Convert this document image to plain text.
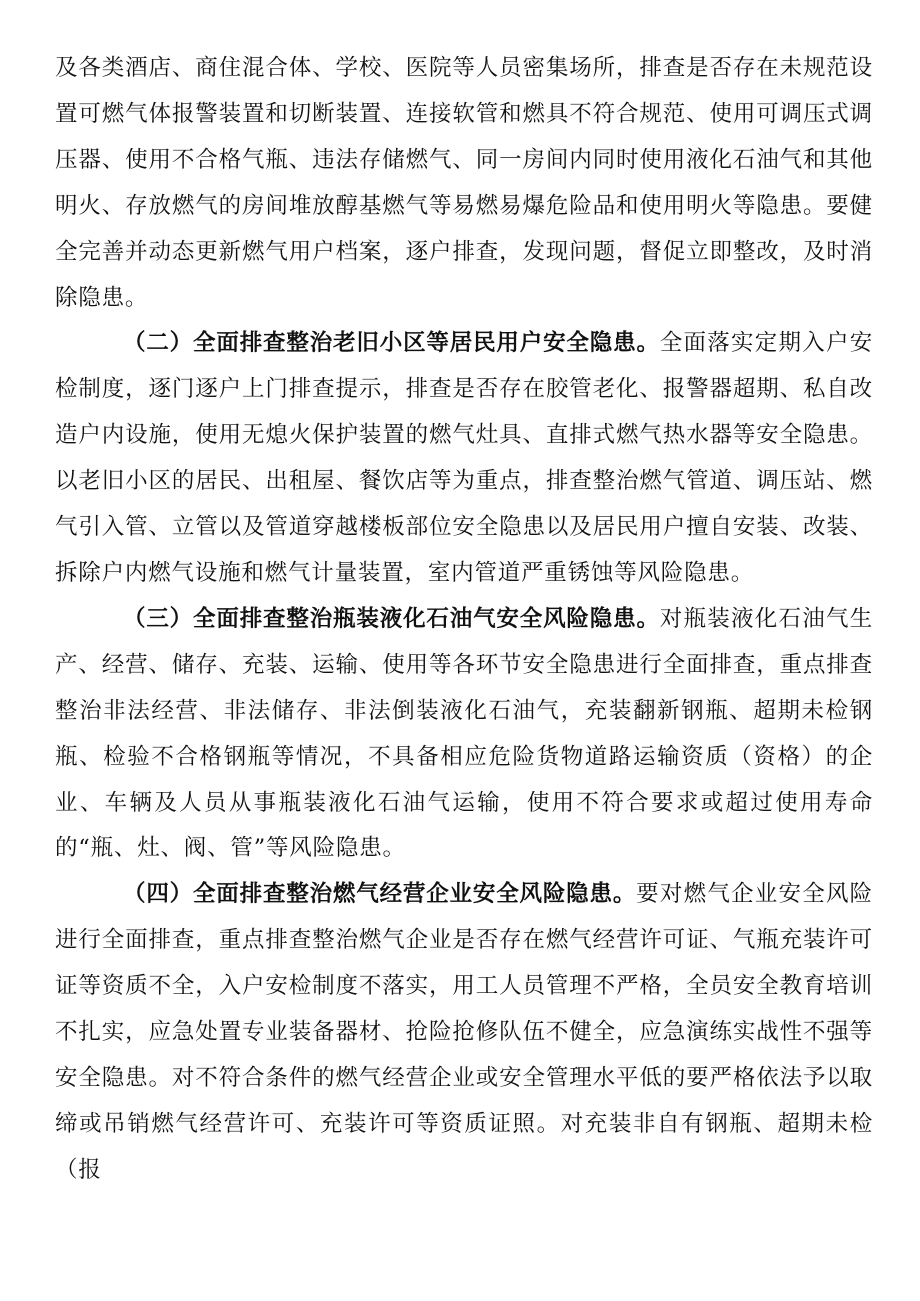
及各类酒店、商住混合体、学校、医院等人员密集场所，排查是否存在未规范设置可燃气体报警装置和切断装置、连接软管和燃具不符合规范、使用可调压式调压器、使用不合格气瓶、违法存储燃气、同一房间内同时使用液化石油气和其他明火、存放燃气的房间堆放醇基燃气等易燃易爆危险品和使用明火等隐患。要健全完善并动态更新燃气用户档案，逐户排查，发现问题，督促立即整改，及时消除隐患。

（二）全面排查整治老旧小区等居民用户安全隐患。全面落实定期入户安检制度，逐门逐户上门排查提示，排查是否存在胶管老化、报警器超期、私自改造户内设施，使用无熄火保护装置的燃气灶具、直排式燃气热水器等安全隐患。以老旧小区的居民、出租屋、餐饮店等为重点，排查整治燃气管道、调压站、燃气引入管、立管以及管道穿越楼板部位安全隐患以及居民用户擅自安装、改装、拆除户内燃气设施和燃气计量装置，室内管道严重锈蚀等风险隐患。

（三）全面排查整治瓶装液化石油气安全风险隐患。对瓶装液化石油气生产、经营、储存、充装、运输、使用等各环节安全隐患进行全面排查，重点排查整治非法经营、非法储存、非法倒装液化石油气，充装翻新钢瓶、超期未检钢瓶、检验不合格钢瓶等情况，不具备相应危险货物道路运输资质（资格）的企业、车辆及人员从事瓶装液化石油气运输，使用不符合要求或超过使用寿命的“瓶、灶、阀、管”等风险隐患。

（四）全面排查整治燃气经营企业安全风险隐患。要对燃气企业安全风险进行全面排查，重点排查整治燃气企业是否存在燃气经营许可证、气瓶充装许可证等资质不全，入户安检制度不落实，用工人员管理不严格，全员安全教育培训不扎实，应急处置专业装备器材、抢险抢修队伍不健全，应急演练实战性不强等安全隐患。对不符合条件的燃气经营企业或安全管理水平低的要严格依法予以取缔或吊销燃气经营许可、充装许可等资质证照。对充装非自有钢瓶、超期未检（报
